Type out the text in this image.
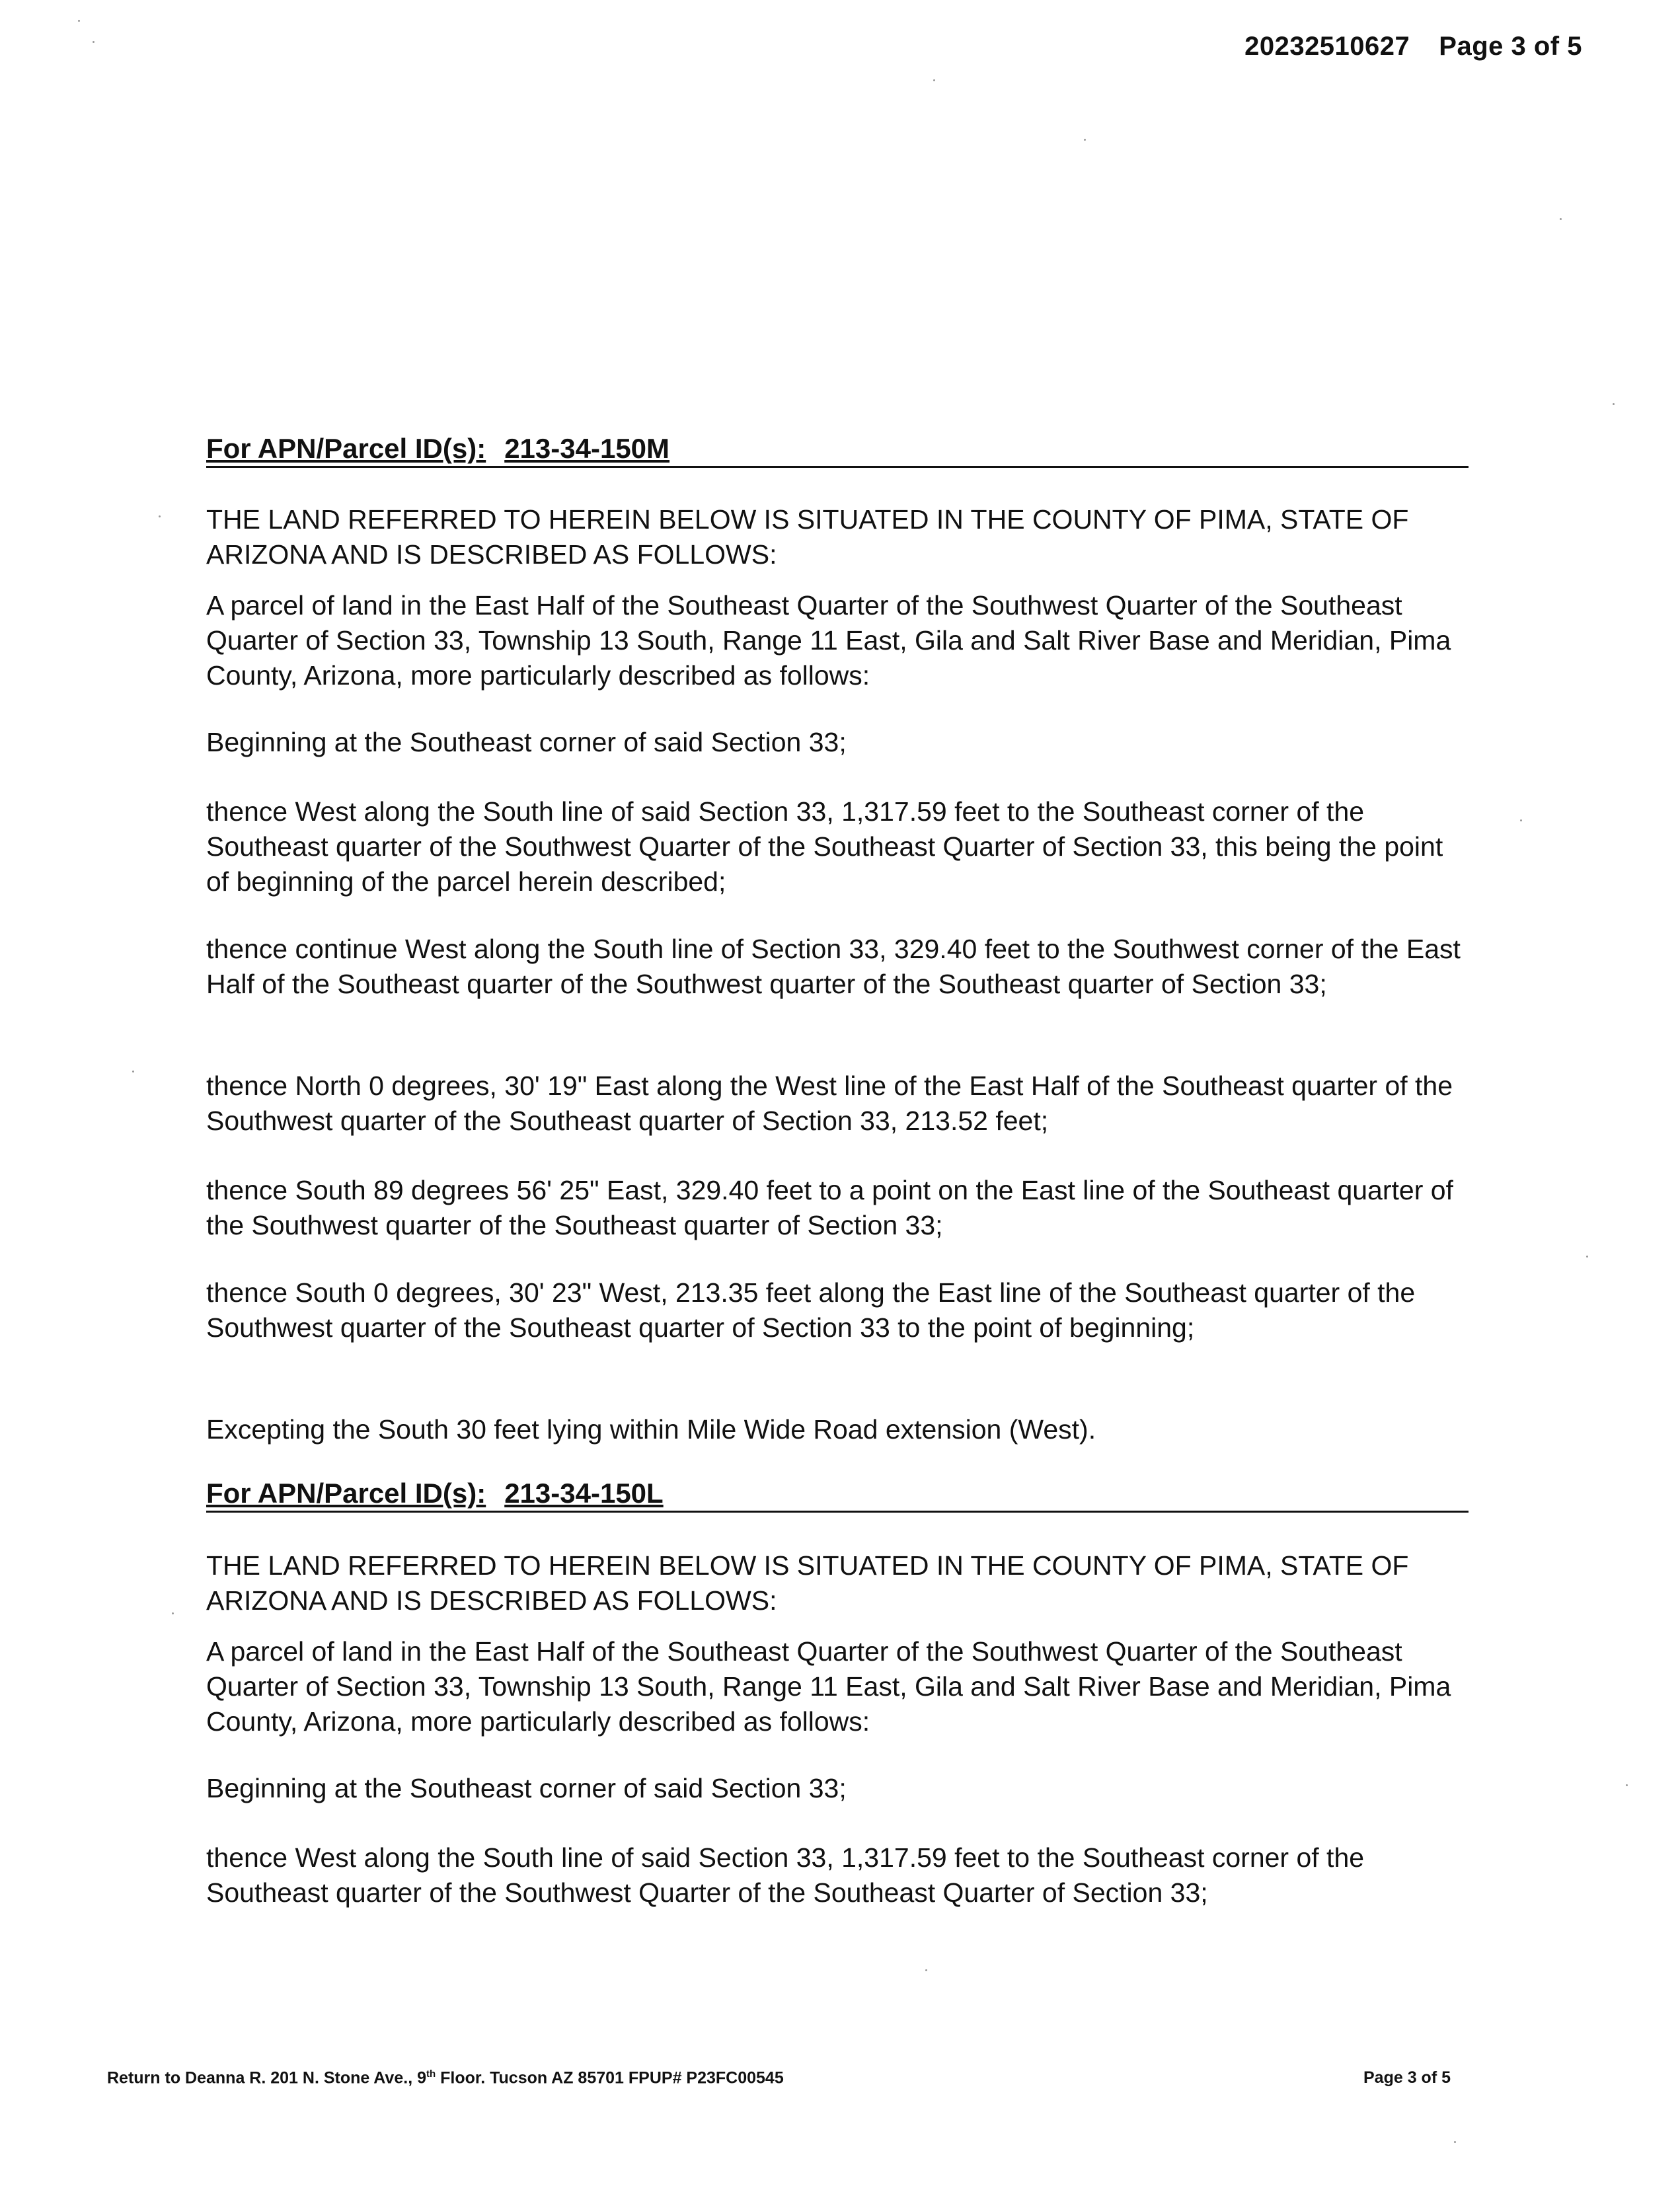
20232510627 Page 3 of 5
For APN/Parcel ID(s): 213-34-150M

THE LAND REFERRED TO HEREIN BELOW IS SITUATED IN THE COUNTY OF PIMA, STATE OF ARIZONA AND IS DESCRIBED AS FOLLOWS:

A parcel of land in the East Half of the Southeast Quarter of the Southwest Quarter of the Southeast Quarter of Section 33, Township 13 South, Range 11 East, Gila and Salt River Base and Meridian, Pima County, Arizona, more particularly described as follows:

Beginning at the Southeast corner of said Section 33;

thence West along the South line of said Section 33, 1,317.59 feet to the Southeast corner of the Southeast quarter of the Southwest Quarter of the Southeast Quarter of Section 33, this being the point of beginning of the parcel herein described;

thence continue West along the South line of Section 33, 329.40 feet to the Southwest corner of the East Half of the Southeast quarter of the Southwest quarter of the Southeast quarter of Section 33;

thence North 0 degrees, 30' 19" East along the West line of the East Half of the Southeast quarter of the Southwest quarter of the Southeast quarter of Section 33, 213.52 feet;

thence South 89 degrees 56' 25" East, 329.40 feet to a point on the East line of the Southeast quarter of the Southwest quarter of the Southeast quarter of Section 33;

thence South 0 degrees, 30' 23" West, 213.35 feet along the East line of the Southeast quarter of the Southwest quarter of the Southeast quarter of Section 33 to the point of beginning;

Excepting the South 30 feet lying within Mile Wide Road extension (West).

For APN/Parcel ID(s): 213-34-150L

THE LAND REFERRED TO HEREIN BELOW IS SITUATED IN THE COUNTY OF PIMA, STATE OF ARIZONA AND IS DESCRIBED AS FOLLOWS:

A parcel of land in the East Half of the Southeast Quarter of the Southwest Quarter of the Southeast Quarter of Section 33, Township 13 South, Range 11 East, Gila and Salt River Base and Meridian, Pima County, Arizona, more particularly described as follows:

Beginning at the Southeast corner of said Section 33;

thence West along the South line of said Section 33, 1,317.59 feet to the Southeast corner of the Southeast quarter of the Southwest Quarter of the Southeast Quarter of Section 33;

Return to Deanna R. 201 N. Stone Ave., 9th Floor. Tucson AZ 85701 FPUP# P23FC00545	Page 3 of 5
